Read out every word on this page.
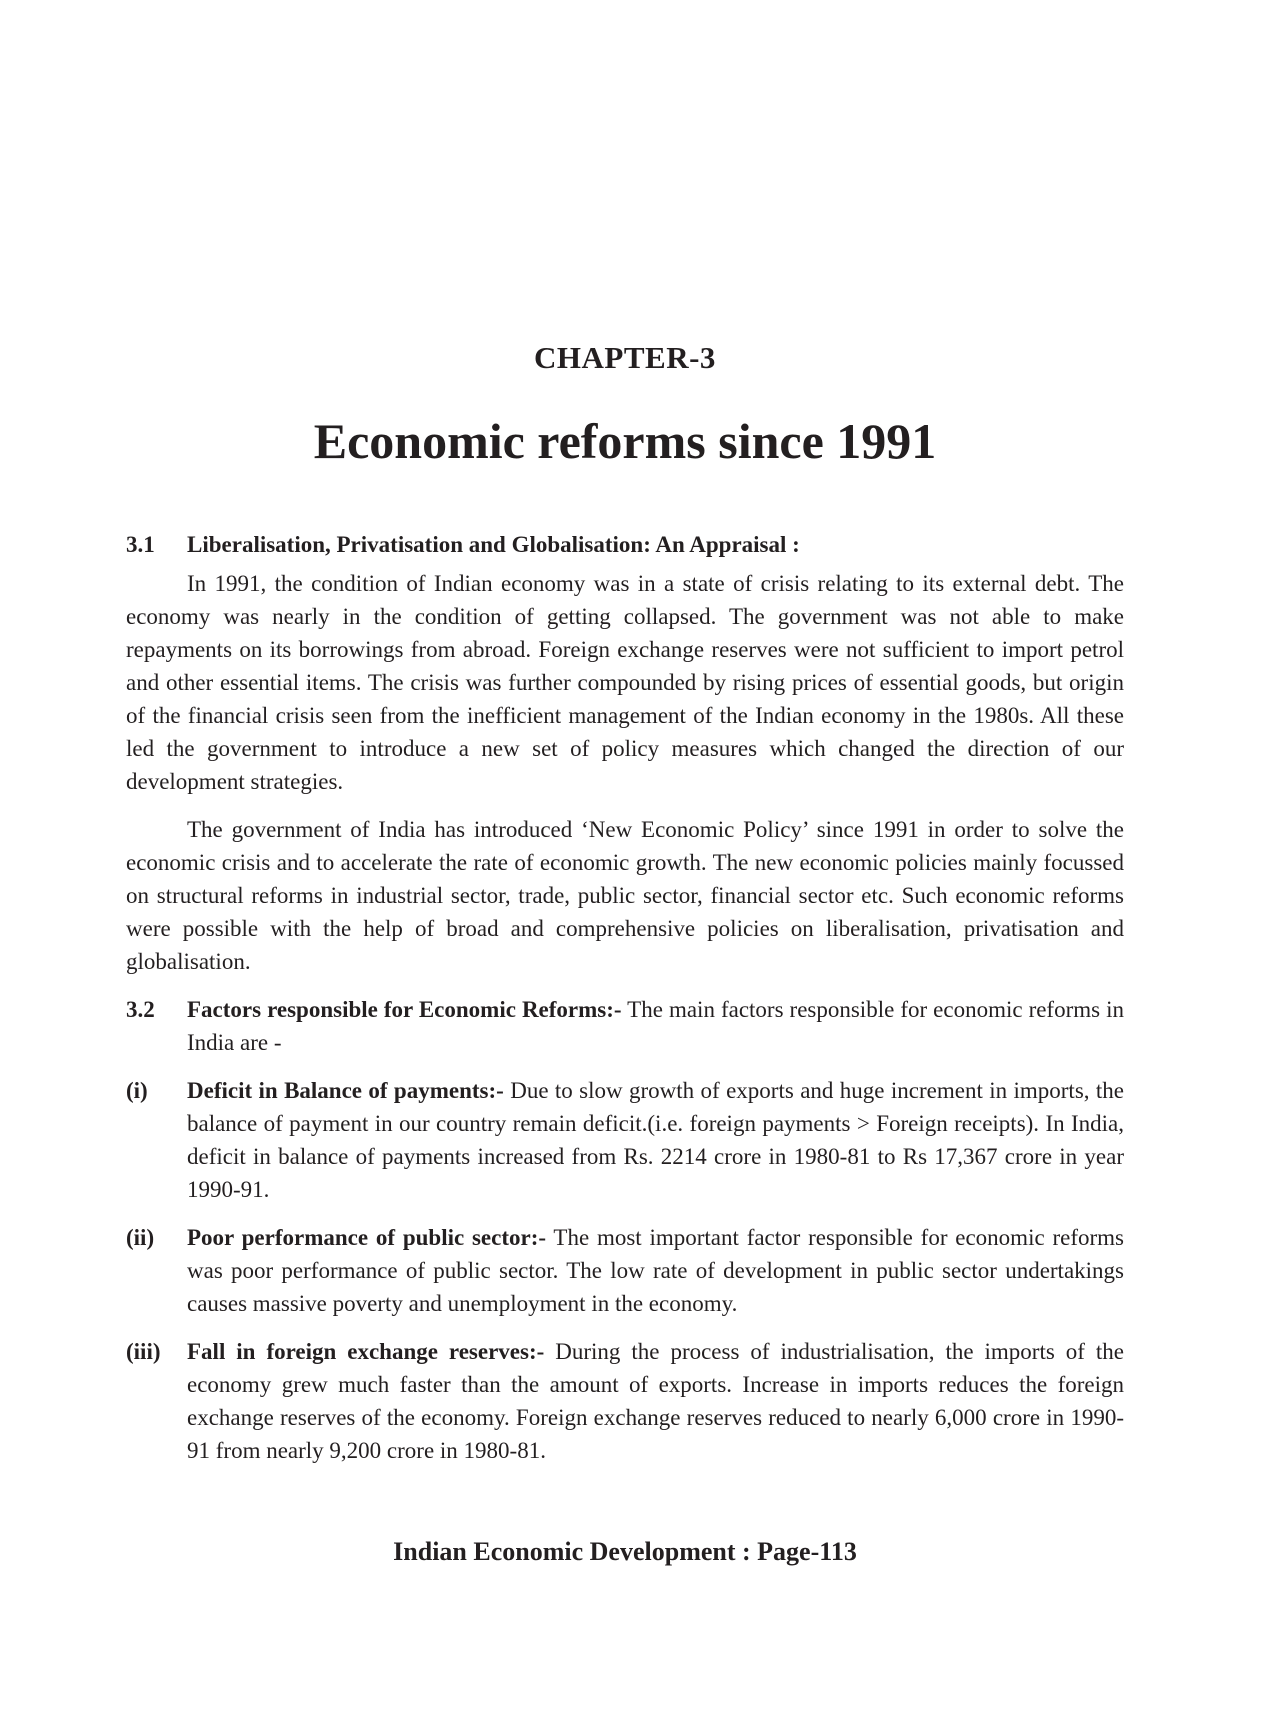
CHAPTER-3
Economic reforms since 1991
3.1	Liberalisation, Privatisation and Globalisation: An Appraisal :

In 1991, the condition of Indian economy was in a state of crisis relating to its external debt. The economy was nearly in the condition of getting collapsed. The government was not able to make repayments on its borrowings from abroad. Foreign exchange reserves were not sufficient to import petrol and other essential items. The crisis was further compounded by rising prices of essential goods, but origin of the financial crisis seen from the inefficient management of the Indian economy in the 1980s. All these led the government to introduce a new set of policy measures which changed the direction of our development strategies.

The government of India has introduced ‘New Economic Policy’ since 1991 in order to solve the economic crisis and to accelerate the rate of economic growth. The new economic policies mainly focussed on structural reforms in industrial sector, trade, public sector, financial sector etc. Such economic reforms were possible with the help of broad and comprehensive policies on liberalisation, privatisation and globalisation.

3.2	Factors responsible for Economic Reforms:- The main factors responsible for economic reforms in India are -
(i)	Deficit in Balance of payments:- Due to slow growth of exports and huge increment in imports, the balance of payment in our country remain deficit.(i.e. foreign payments > Foreign receipts). In India, deficit in balance of payments increased from Rs. 2214 crore in 1980-81 to Rs 17,367 crore in year 1990-91.
(ii)	Poor performance of public sector:- The most important factor responsible for economic reforms was poor performance of public sector. The low rate of development in public sector undertakings causes massive poverty and unemployment in the economy.
(iii)	Fall in foreign exchange reserves:- During the process of industrialisation, the imports of the economy grew much faster than the amount of exports. Increase in imports reduces the foreign exchange reserves of the economy. Foreign exchange reserves reduced to nearly 6,000 crore in 1990-91 from nearly 9,200 crore in 1980-81.
Indian Economic Development : Page-113
